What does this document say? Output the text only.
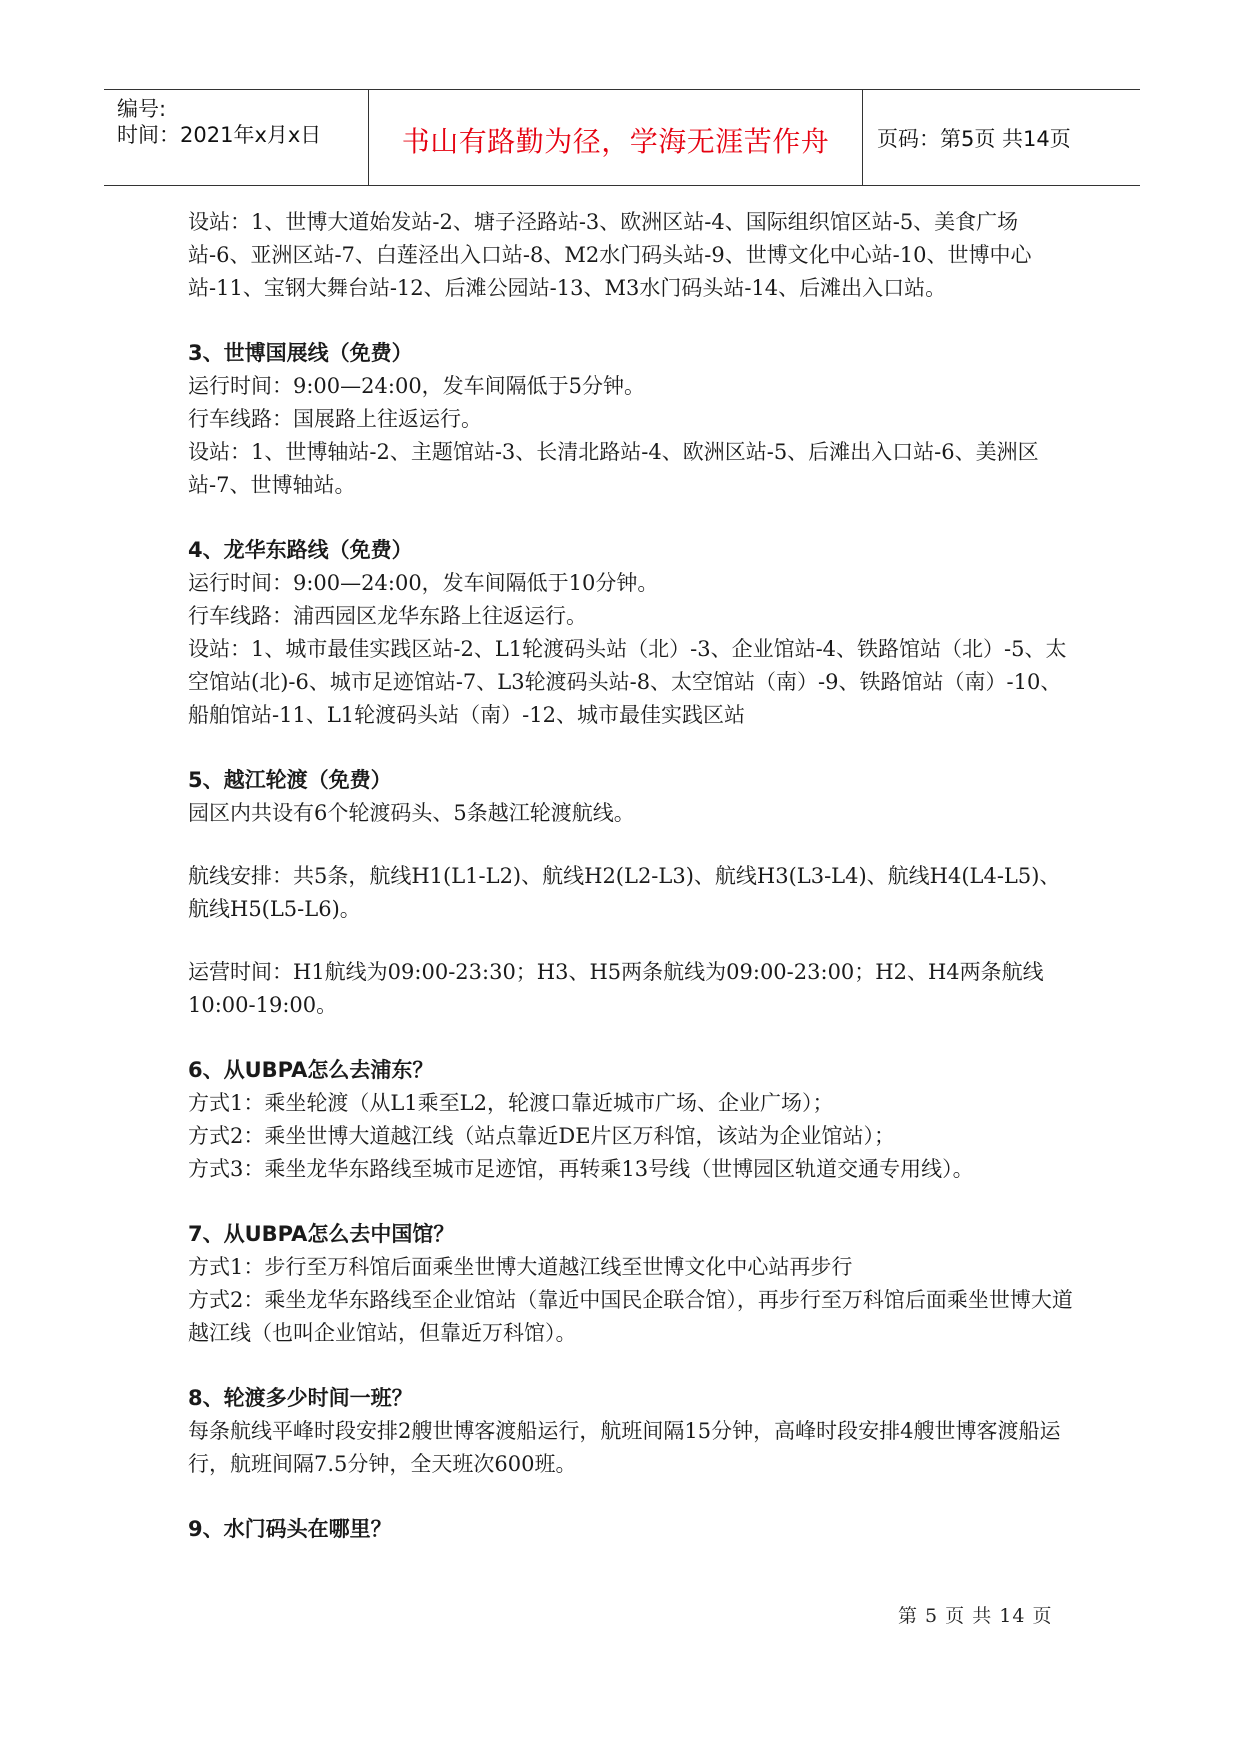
编号:
时间：2021年x月x日	书山有路勤为径，学海无涯苦作舟	页码：第5页 共14页

设站：1、世博大道始发站-2、塘子泾路站-3、欧洲区站-4、国际组织馆区站-5、美食广场站-6、亚洲区站-7、白莲泾出入口站-8、M2水门码头站-9、世博文化中心站-10、世博中心站-11、宝钢大舞台站-12、后滩公园站-13、M3水门码头站-14、后滩出入口站。

3、世博国展线（免费）

运行时间：9:00—24:00，发车间隔低于5分钟。

行车线路：国展路上往返运行。

设站：1、世博轴站-2、主题馆站-3、长清北路站-4、欧洲区站-5、后滩出入口站-6、美洲区站-7、世博轴站。

4、龙华东路线（免费）

运行时间：9:00—24:00，发车间隔低于10分钟。

行车线路：浦西园区龙华东路上往返运行。

设站：1、城市最佳实践区站-2、L1轮渡码头站（北）-3、企业馆站-4、铁路馆站（北）-5、太空馆站(北)-6、城市足迹馆站-7、L3轮渡码头站-8、太空馆站（南）-9、铁路馆站（南）-10、船舶馆站-11、L1轮渡码头站（南）-12、城市最佳实践区站

5、越江轮渡（免费）

园区内共设有6个轮渡码头、5条越江轮渡航线。

航线安排：共5条，航线H1(L1-L2)、航线H2(L2-L3)、航线H3(L3-L4)、航线H4(L4-L5)、航线H5(L5-L6)。

运营时间：H1航线为09:00-23:30；H3、H5两条航线为09:00-23:00；H2、H4两条航线10:00-19:00。

6、从UBPA怎么去浦东？

方式1：乘坐轮渡（从L1乘至L2，轮渡口靠近城市广场、企业广场）；

方式2：乘坐世博大道越江线（站点靠近DE片区万科馆，该站为企业馆站）；

方式3：乘坐龙华东路线至城市足迹馆，再转乘13号线（世博园区轨道交通专用线）。

7、从UBPA怎么去中国馆？

方式1：步行至万科馆后面乘坐世博大道越江线至世博文化中心站再步行

方式2：乘坐龙华东路线至企业馆站（靠近中国民企联合馆），再步行至万科馆后面乘坐世博大道越江线（也叫企业馆站，但靠近万科馆）。

8、轮渡多少时间一班？

每条航线平峰时段安排2艘世博客渡船运行，航班间隔15分钟，高峰时段安排4艘世博客渡船运行，航班间隔7.5分钟，全天班次600班。

9、水门码头在哪里？

第 5 页 共 14 页
